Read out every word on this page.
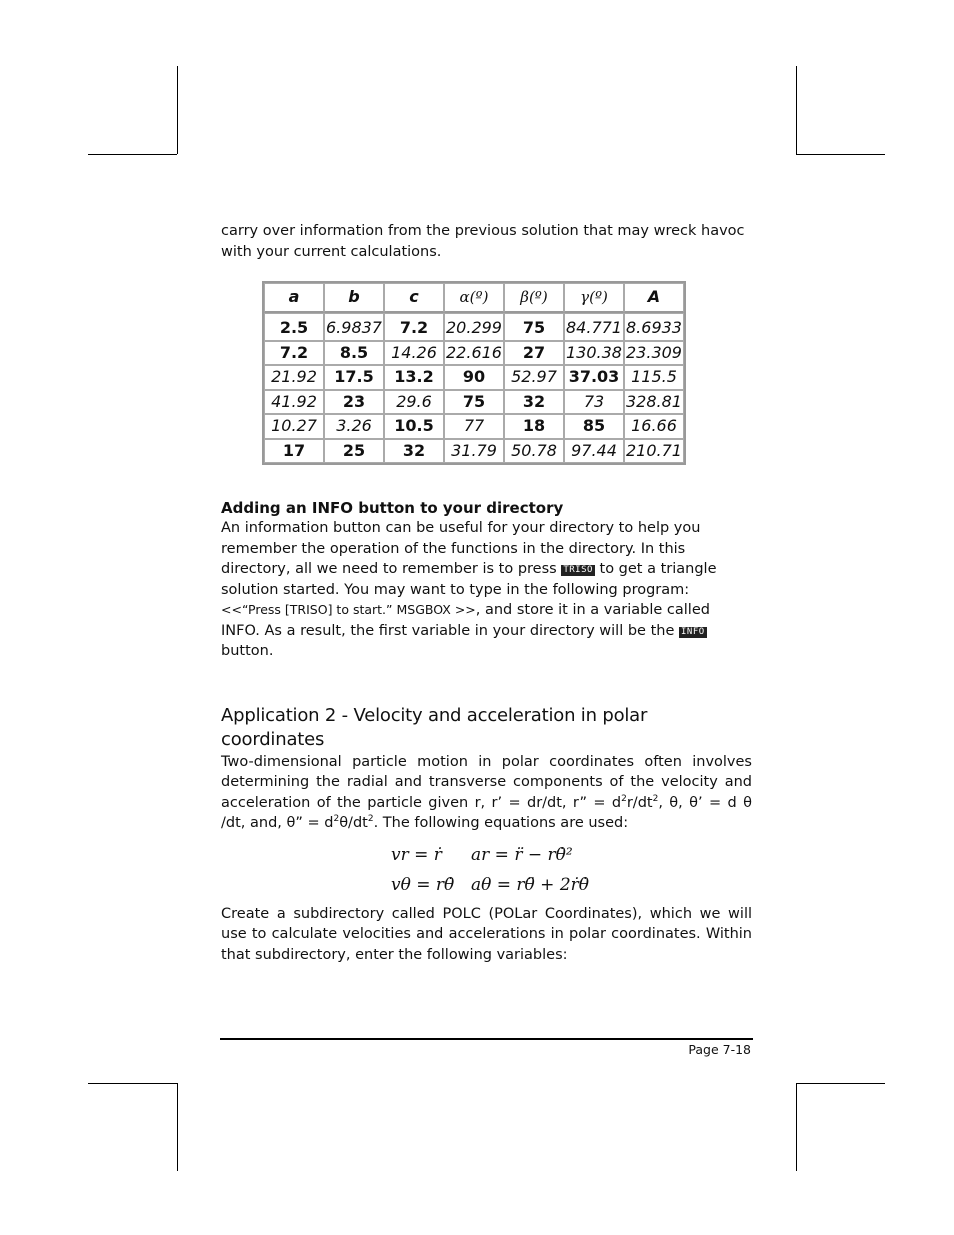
carry over information from the previous solution that may wreck havoc with your current calculations.

a	b	c	α(º)	β(º)	γ(º)	A
2.5	6.9837	7.2	20.299	75	84.771	8.6933
7.2	8.5	14.26	22.616	27	130.38	23.309
21.92	17.5	13.2	90	52.97	37.03	115.5
41.92	23	29.6	75	32	73	328.81
10.27	3.26	10.5	77	18	85	16.66
17	25	32	31.79	50.78	97.44	210.71
Adding an INFO button to your directory

An information button can be useful for your directory to help you remember the operation of the functions in the directory. In this directory, all we need to remember is to press TRISO to get a triangle solution started. You may want to type in the following program: <<“Press [TRISO] to start.” MSGBOX >>, and store it in a variable called INFO. As a result, the first variable in your directory will be the INFO button.

Application 2 - Velocity and acceleration in polar coordinates

Two-dimensional particle motion in polar coordinates often involves determining the radial and transverse components of the velocity and acceleration of the particle given r, r’ = dr/dt, r” = $d^2r/dt^2$, θ, θ’ = d θ /dt, and, θ” = $d^2\theta/dt^2$. The following equations are used:

vr = ṙ	ar = r̈ − rθ̇²
vθ = rθ̇ aθ = rθ̈ + 2ṙθ̇

Create a subdirectory called POLC (POLar Coordinates), which we will use to calculate velocities and accelerations in polar coordinates. Within that subdirectory, enter the following variables:

Page 7-18
